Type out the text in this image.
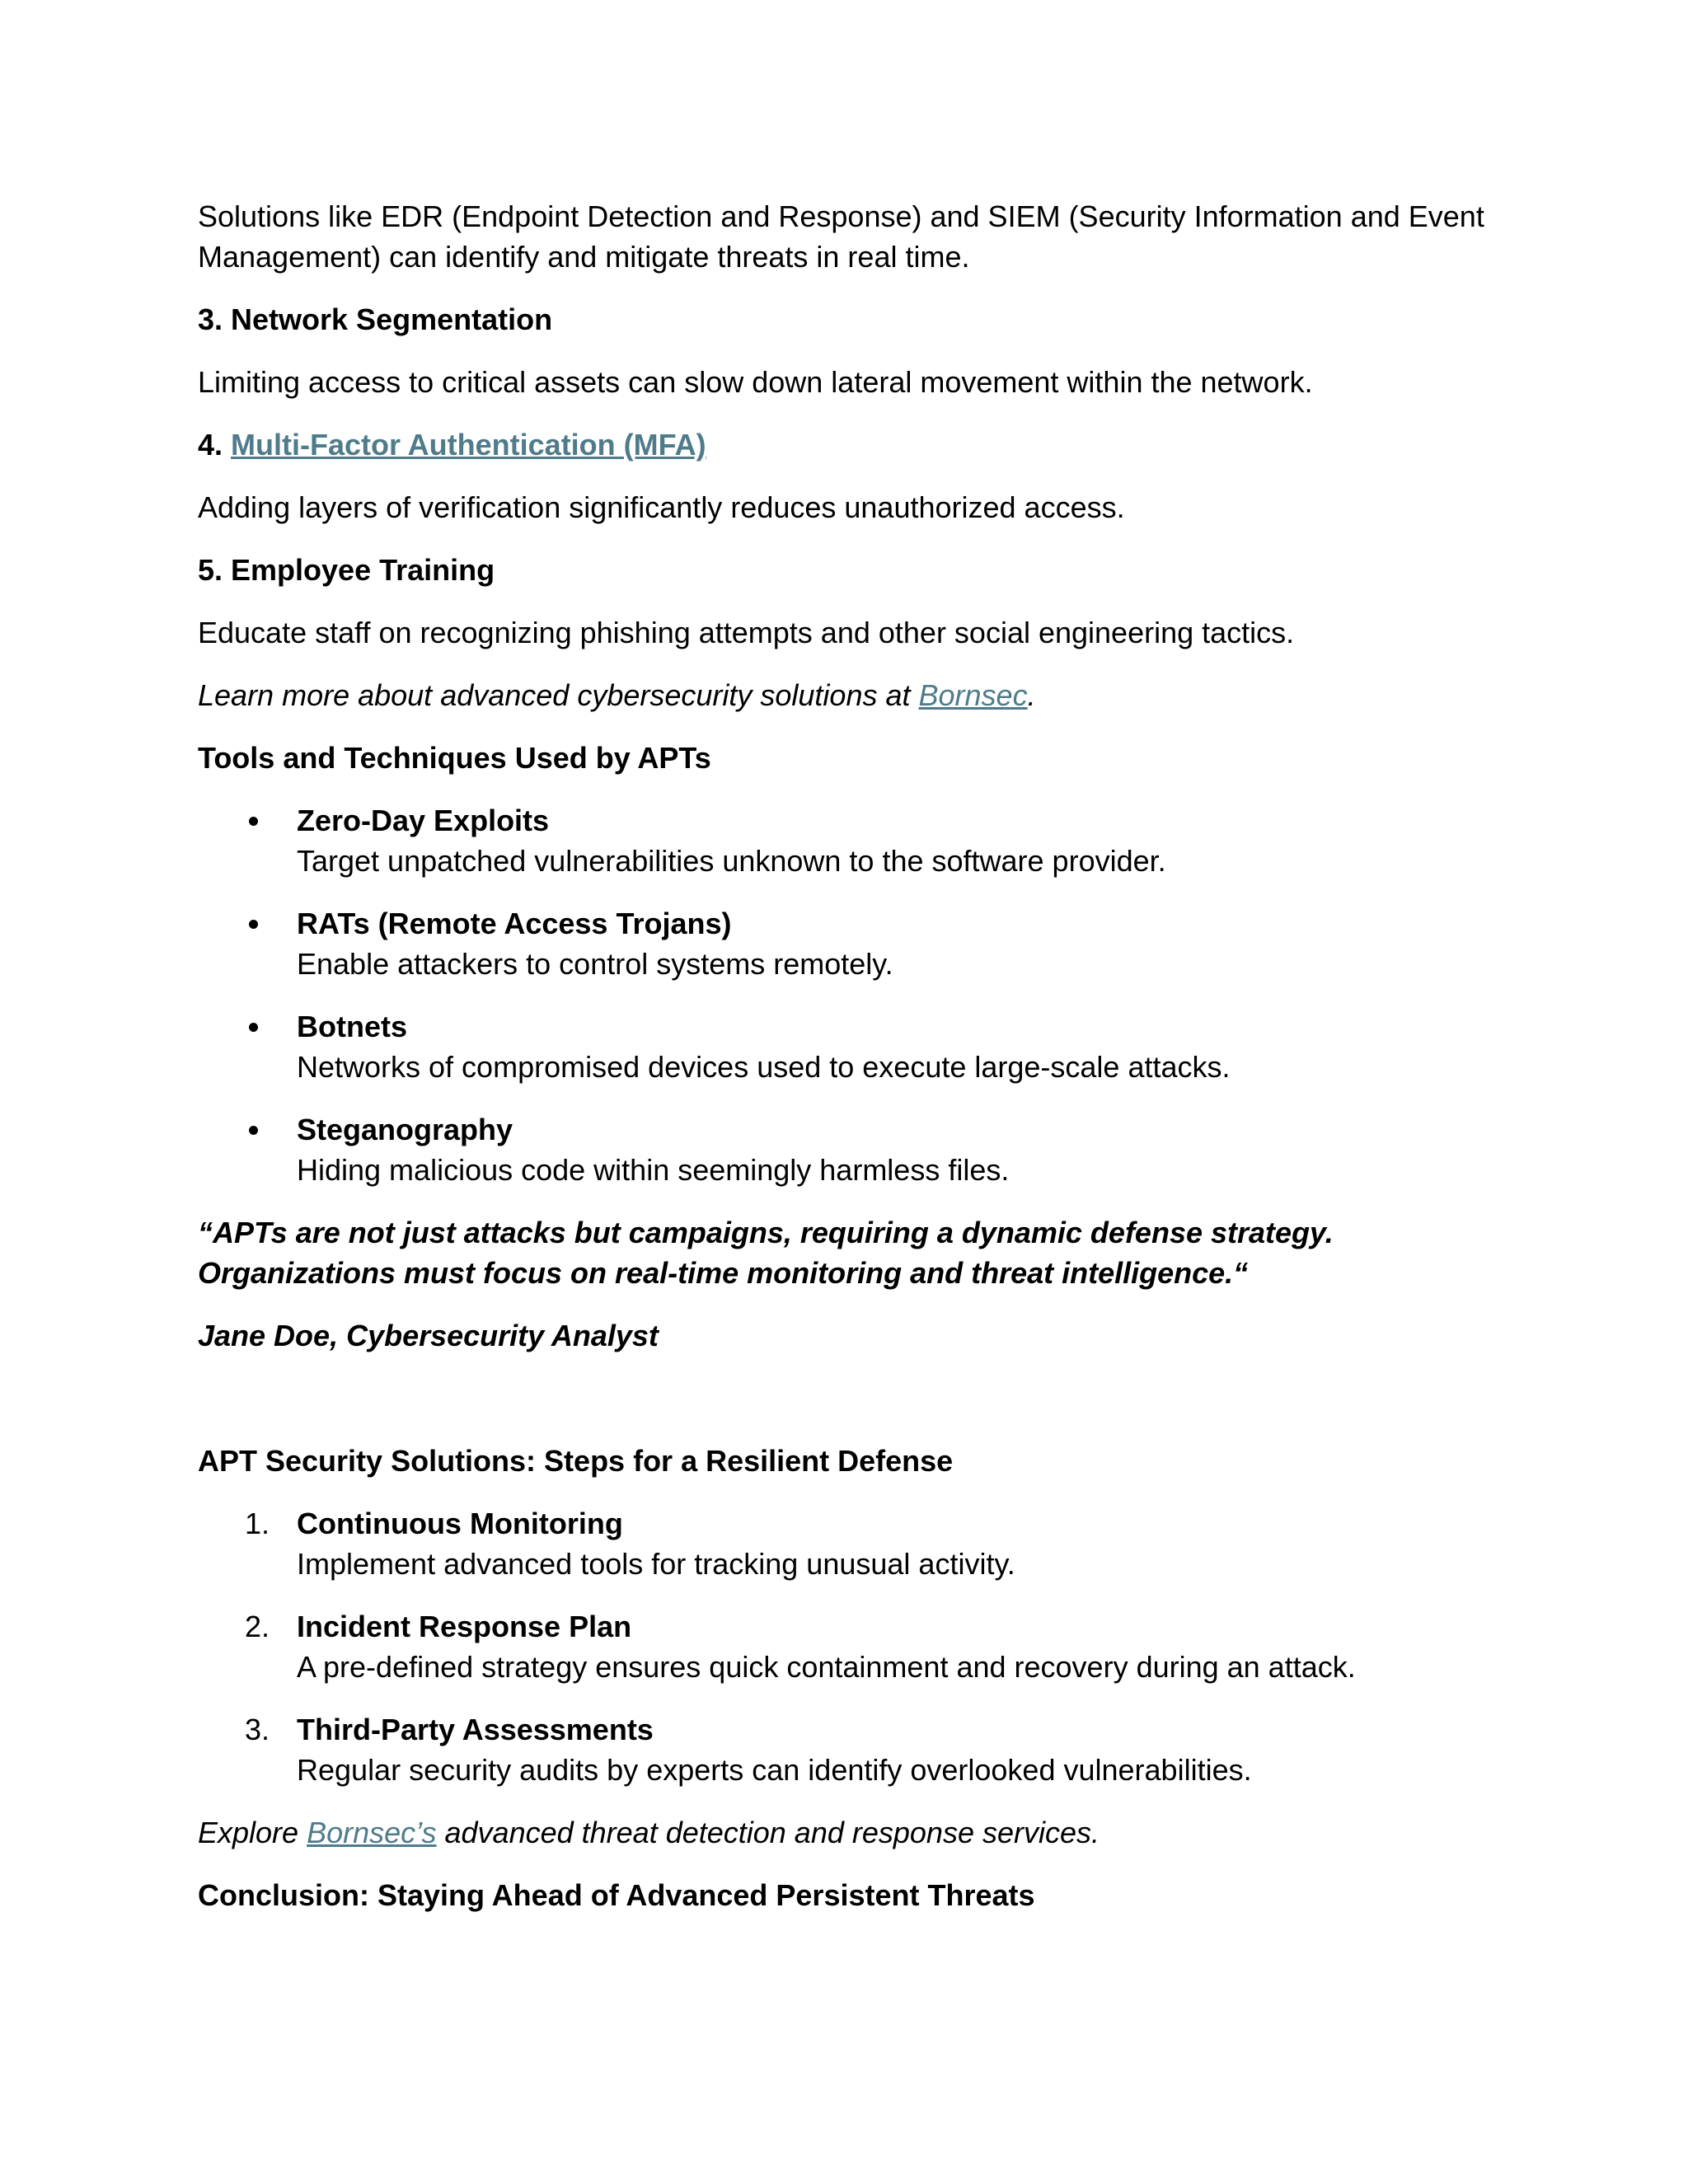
Solutions like EDR (Endpoint Detection and Response) and SIEM (Security Information and Event Management) can identify and mitigate threats in real time.

3. Network Segmentation

Limiting access to critical assets can slow down lateral movement within the network.

4. Multi-Factor Authentication (MFA)

Adding layers of verification significantly reduces unauthorized access.

5. Employee Training

Educate staff on recognizing phishing attempts and other social engineering tactics.

Learn more about advanced cybersecurity solutions at Bornsec.

Tools and Techniques Used by APTs

Zero-Day Exploits
Target unpatched vulnerabilities unknown to the software provider.
RATs (Remote Access Trojans)
Enable attackers to control systems remotely.
Botnets
Networks of compromised devices used to execute large-scale attacks.
Steganography
Hiding malicious code within seemingly harmless files.

“APTs are not just attacks but campaigns, requiring a dynamic defense strategy. Organizations must focus on real-time monitoring and threat intelligence.“

Jane Doe, Cybersecurity Analyst

APT Security Solutions: Steps for a Resilient Defense

1. Continuous Monitoring
Implement advanced tools for tracking unusual activity.
2. Incident Response Plan
A pre-defined strategy ensures quick containment and recovery during an attack.
3. Third-Party Assessments
Regular security audits by experts can identify overlooked vulnerabilities.

Explore Bornsec’s advanced threat detection and response services.

Conclusion: Staying Ahead of Advanced Persistent Threats
